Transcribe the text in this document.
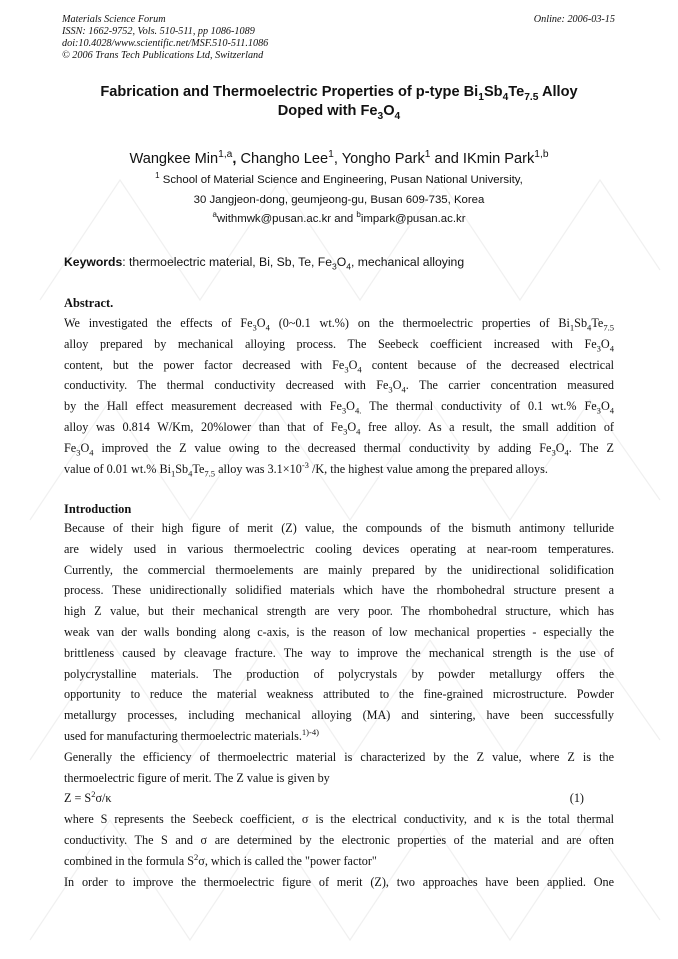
Materials Science Forum
ISSN: 1662-9752, Vols. 510-511, pp 1086-1089
doi:10.4028/www.scientific.net/MSF.510-511.1086
© 2006 Trans Tech Publications Ltd, Switzerland
Online: 2006-03-15
Fabrication and Thermoelectric Properties of p-type $Bi_1Sb_4Te_{7.5}$ Alloy
Doped with $Fe_3O_4$
Wangkee Min$^{1,a}$, Changho Lee$^1$, Yongho Park$^1$ and IKmin Park$^{1,b}$
$^1$ School of Material Science and Engineering, Pusan National University,
30 Jangjeon-dong, geumjeong-gu, Busan 609-735, Korea
$^a$withmwk@pusan.ac.kr and $^b$impark@pusan.ac.kr
Keywords: thermoelectric material, Bi, Sb, Te, $Fe_3O_4$, mechanical alloying
Abstract.
We investigated the effects of $Fe_3O_4$ (0~0.1 wt.%) on the thermoelectric properties of $Bi_1Sb_4Te_{7.5}$
alloy prepared by mechanical alloying process. The Seebeck coefficient increased with $Fe_3O_4$
content, but the power factor decreased with $Fe_3O_4$ content because of the decreased electrical
conductivity. The thermal conductivity decreased with $Fe_3O_4$. The carrier concentration measured
by the Hall effect measurement decreased with $Fe_3O_{4.}$ The thermal conductivity of 0.1 wt.% $Fe_3O_4$
alloy was 0.814 W/Km, 20%lower than that of $Fe_3O_4$ free alloy. As a result, the small addition of
$Fe_3O_4$ improved the Z value owing to the decreased thermal conductivity by adding $Fe_3O_4$. The Z
value of 0.01 wt.% $Bi_1Sb_4Te_{7.5}$ alloy was $3.1\times 10^{-3}$ /K, the highest value among the prepared alloys.
Introduction
Because of their high figure of merit (Z) value, the compounds of the bismuth antimony telluride
are widely used in various thermoelectric cooling devices operating at near-room temperatures.
Currently, the commercial thermoelements are mainly prepared by the unidirectional solidification
process. These unidirectionally solidified materials which have the rhombohedral structure present a
high Z value, but their mechanical strength are very poor. The rhombohedral structure, which has
weak van der walls bonding along c-axis, is the reason of low mechanical properties - especially the
brittleness caused by cleavage fracture. The way to improve the mechanical strength is the use of
polycrystalline materials. The production of polycrystals by powder metallurgy offers the
opportunity to reduce the material weakness attributed to the fine-grained microstructure. Powder
metallurgy processes, including mechanical alloying (MA) and sintering, have been successfully
used for manufacturing thermoelectric materials.$^{1)-4)}$
Generally the efficiency of thermoelectric material is characterized by the Z value, where Z is the
thermoelectric figure of merit. The Z value is given by
$Z = S^2\sigma/\kappa$	(1)
where S represents the Seebeck coefficient, σ is the electrical conductivity, and κ is the total thermal
conductivity. The S and σ are determined by the electronic properties of the material and are often
combined in the formula $S^2\sigma$, which is called the "power factor"
In order to improve the thermoelectric figure of merit (Z), two approaches have been applied. One
